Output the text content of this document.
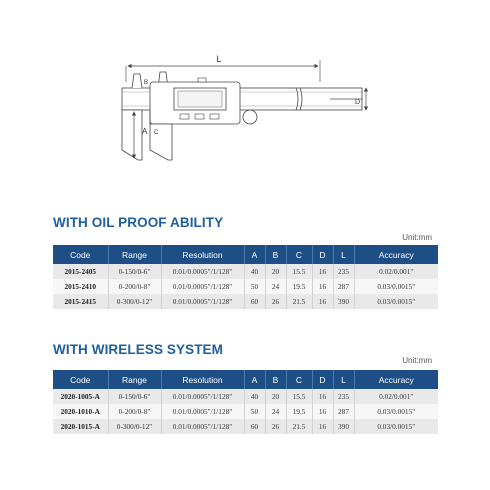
L
D
B
A C
WITH OIL PROOF ABILITY
Unit:mm
Code	Range	Resolution	A	B	C	D	L	Accuracy
2015-2405	0-150/0-6"	0.01/0.0005"/1/128"	40	20	15.5	16	235	0.02/0.001"
2015-2410	0-200/0-8"	0.01/0.0005"/1/128"	50	24	19.5	16	287	0.03/0.0015"
2015-2415	0-300/0-12"	0.01/0.0005"/1/128"	60	26	21.5	16	390	0.03/0.0015"
WITH WIRELESS SYSTEM
Unit:mm
Code	Range	Resolution	A	B	C	D	L	Accuracy
2020-1005-A	0-150/0-6"	0.01/0.0005"/1/128"	40	20	15.5	16	235	0.02/0.001"
2020-1010-A	0-200/0-8"	0.01/0.0005"/1/128"	50	24	19.5	16	287	0.03/0.0015"
2020-1015-A	0-300/0-12"	0.01/0.0005"/1/128"	60	26	21.5	16	390	0.03/0.0015"
